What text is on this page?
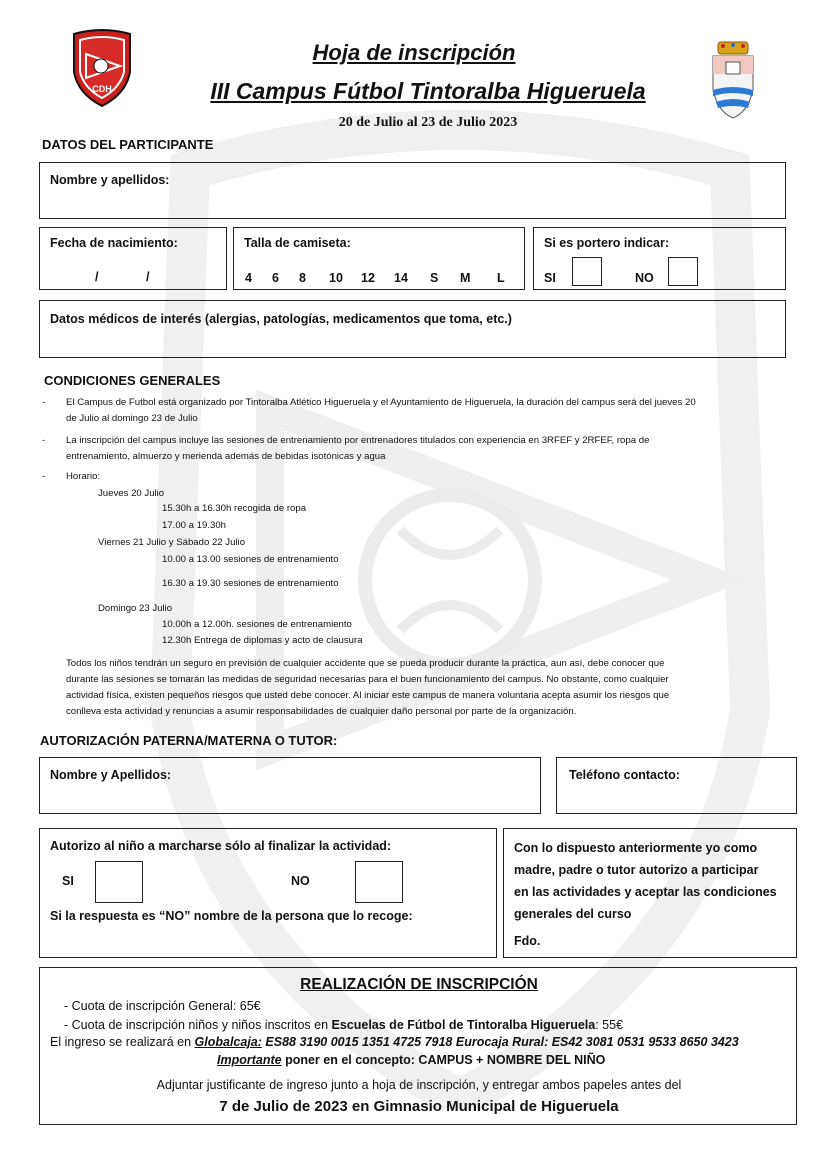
CDH
Hoja de inscripción
III Campus Fútbol Tintoralba Higueruela
20 de Julio al 23 de Julio 2023
DATOS DEL PARTICIPANTE
Nombre y apellidos:
Fecha de nacimiento:
/	/
Talla de camiseta:
4 6 8 10 12 14 S M L
Si es portero indicar:
SI	NO
Datos médicos de interés (alergias, patologías, medicamentos que toma, etc.)
CONDICIONES GENERALES
-	El Campus de Futbol está organizado por Tintoralba Atlético Higueruela y el Ayuntamiento de Higueruela, la duración del campus será del jueves 20
de Julio al domingo 23 de Julio
-	La inscripción del campus incluye las sesiones de entrenamiento por entrenadores titulados con experiencia en 3RFEF y 2RFEF, ropa de
entrenamiento, almuerzo y merienda además de bebidas isotónicas y agua
-	Horario:
Jueves 20 Julio
15.30h a 16.30h recogida de ropa
17.00 a 19.30h
Viernes 21 Julio y Sábado 22 Julio
10.00 a 13.00 sesiones de entrenamiento
16.30 a 19.30 sesiones de entrenamiento
Domingo 23 Julio
10.00h a 12.00h. sesiones de entrenamiento
12.30h Entrega de diplomas y acto de clausura
Todos los niños tendrán un seguro en previsión de cualquier accidente que se pueda producir durante la práctica, aun así, debe conocer que
durante las sesiones se tomarán las medidas de seguridad necesarias para el buen funcionamiento del campus. No obstante, como cualquier
actividad física, existen pequeños riesgos que usted debe conocer. Al iniciar este campus de manera voluntaria acepta asumir los riesgos que
conlleva esta actividad y renuncias a asumir responsabilidades de cualquier daño personal por parte de la organización.
AUTORIZACIÓN PATERNA/MATERNA O TUTOR:
Nombre y Apellidos:	Teléfono contacto:
Autorizo al niño a marcharse sólo al finalizar la actividad:
SI	NO
Si la respuesta es “NO” nombre de la persona que lo recoge:
Con lo dispuesto anteriormente yo como
madre, padre o tutor autorizo a participar
en las actividades y aceptar las condiciones
generales del curso
Fdo.
REALIZACIÓN DE INSCRIPCIÓN
- Cuota de inscripción General: 65€
- Cuota de inscripción niños y niños inscritos en Escuelas de Fútbol de Tintoralba Higueruela: 55€
El ingreso se realizará en Globalcaja: ES88 3190 0015 1351 4725 7918 Eurocaja Rural: ES42 3081 0531 9533 8650 3423
Importante poner en el concepto: CAMPUS + NOMBRE DEL NIÑO
Adjuntar justificante de ingreso junto a hoja de inscripción, y entregar ambos papeles antes del
7 de Julio de 2023 en Gimnasio Municipal de Higueruela
